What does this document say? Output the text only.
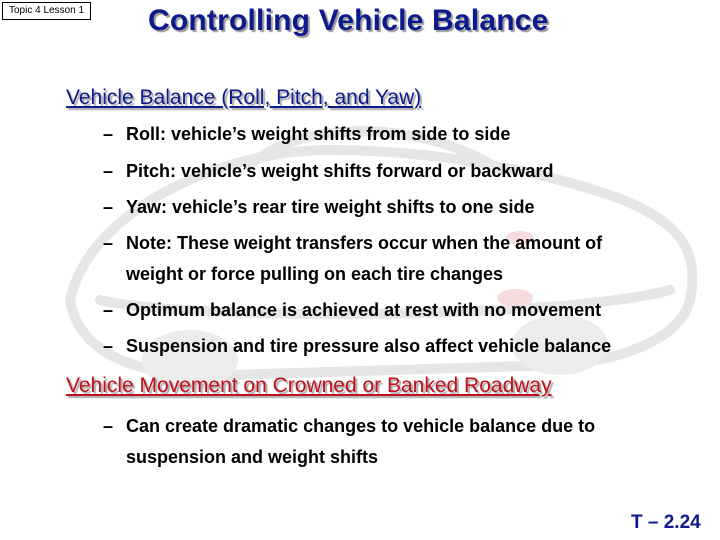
Topic 4 Lesson 1 Controlling Vehicle Balance
Vehicle Balance (Roll, Pitch, and Yaw)
– Roll: vehicle’s weight shifts from side to side
– Pitch: vehicle’s weight shifts forward or backward
– Yaw: vehicle’s rear tire weight shifts to one side
– Note: These weight transfers occur when the amount of
weight or force pulling on each tire changes
– Optimum balance is achieved at rest with no movement
– Suspension and tire pressure also affect vehicle balance
Vehicle Movement on Crowned or Banked Roadway
– Can create dramatic changes to vehicle balance due to
suspension and weight shifts
T – 2.24
